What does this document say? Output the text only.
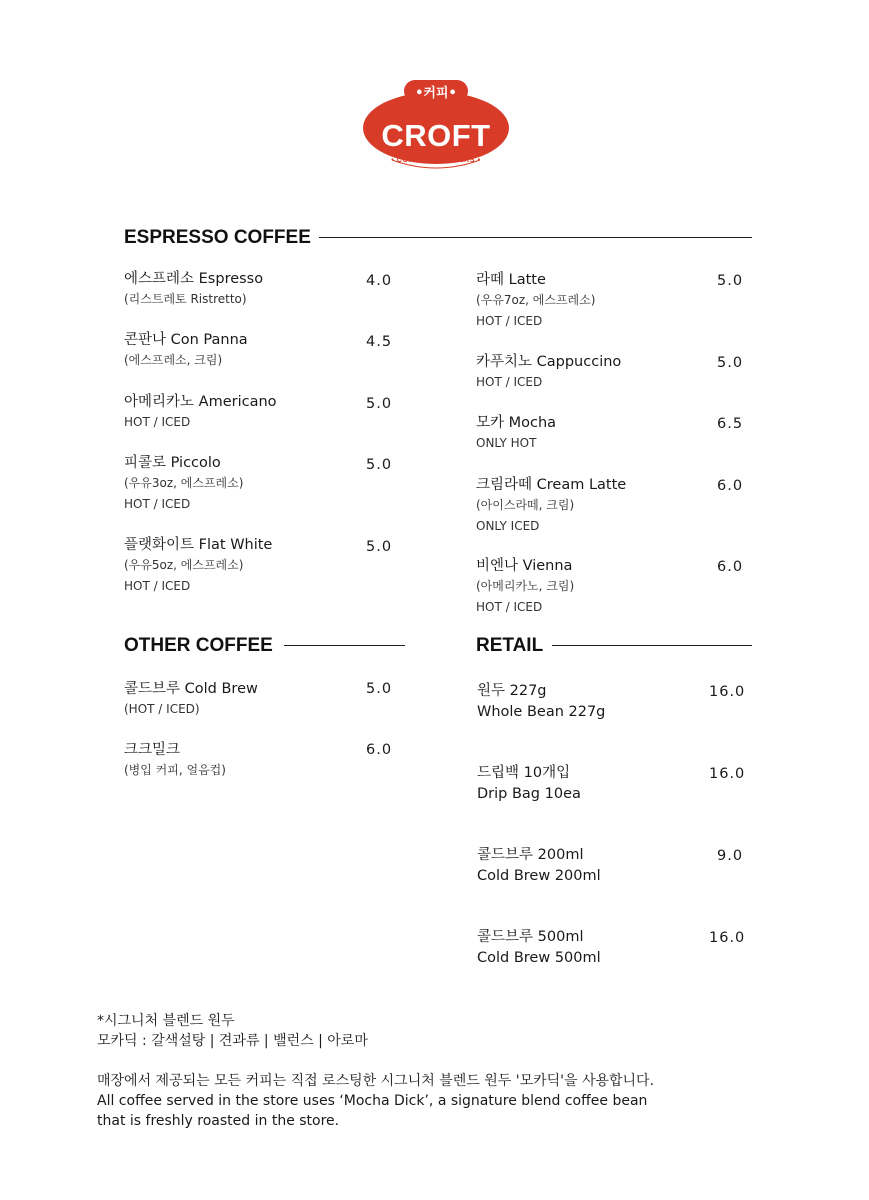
•커피•
CROFT
• COFFEE ROASTERS •
ESPRESSO COFFEE
에스프레소 Espresso
(리스트레토 Ristretto)
4.0
콘판나 Con Panna
(에스프레소, 크림)
4.5
아메리카노 Americano
HOT / ICED
5.0
피콜로 Piccolo
(우유3oz, 에스프레소)
HOT / ICED
5.0
플랫화이트 Flat White
(우유5oz, 에스프레소)
HOT / ICED
5.0
라떼 Latte
(우유7oz, 에스프레소)
HOT / ICED
5.0
카푸치노 Cappuccino
HOT / ICED
5.0
모카 Mocha
ONLY HOT
6.5
크림라떼 Cream Latte
(아이스라떼, 크림)
ONLY ICED
6.0
비엔나 Vienna
(아메리카노, 크림)
HOT / ICED
6.0
OTHER COFFEE
콜드브루 Cold Brew
(HOT / ICED)
5.0
크크밀크
(병입 커피, 얼음컵)
6.0
RETAIL
원두 227g
Whole Bean 227g
16.0
드립백 10개입
Drip Bag 10ea
16.0
콜드브루 200ml
Cold Brew 200ml
9.0
콜드브루 500ml
Cold Brew 500ml
16.0
*시그니처 블렌드 원두
모카딕 : 갈색설탕 | 견과류 | 밸런스 | 아로마
매장에서 제공되는 모든 커피는 직접 로스팅한 시그니처 블렌드 원두 '모카딕'을 사용합니다.
All coffee served in the store uses ‘Mocha Dick’, a signature blend coffee bean
that is freshly roasted in the store.
